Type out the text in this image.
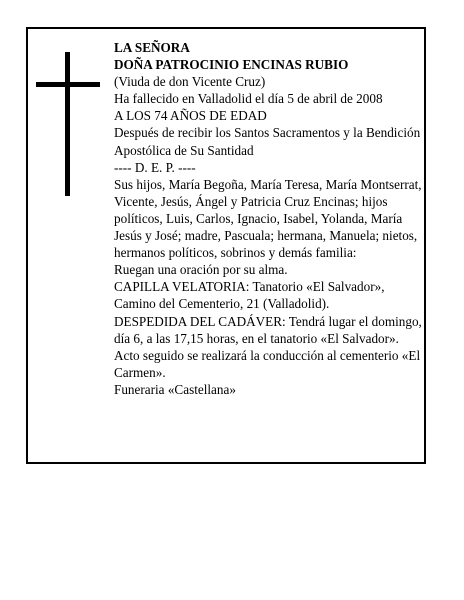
LA SEÑORA

DOÑA PATROCINIO ENCINAS RUBIO

(Viuda de don Vicente Cruz)

Ha fallecido en Valladolid el día 5 de abril de 2008

A LOS 74 AÑOS DE EDAD

Después de recibir los Santos Sacramentos y la Bendición Apostólica de Su Santidad

---- D. E. P. ----

Sus hijos, María Begoña, María Teresa, María Montserrat, Vicente, Jesús, Ángel y Patricia Cruz Encinas; hijos políticos, Luis, Carlos, Ignacio, Isabel, Yolanda, María Jesús y José; madre, Pascuala; hermana, Manuela; nietos, hermanos políticos, sobrinos y demás familia:

Ruegan una oración por su alma.

CAPILLA VELATORIA: Tanatorio «El Salvador», Camino del Cementerio, 21 (Valladolid).

DESPEDIDA DEL CADÁVER: Tendrá lugar el domingo, día 6, a las 17,15 horas, en el tanatorio «El Salvador». Acto seguido se realizará la conducción al cementerio «El Carmen».

Funeraria «Castellana»
